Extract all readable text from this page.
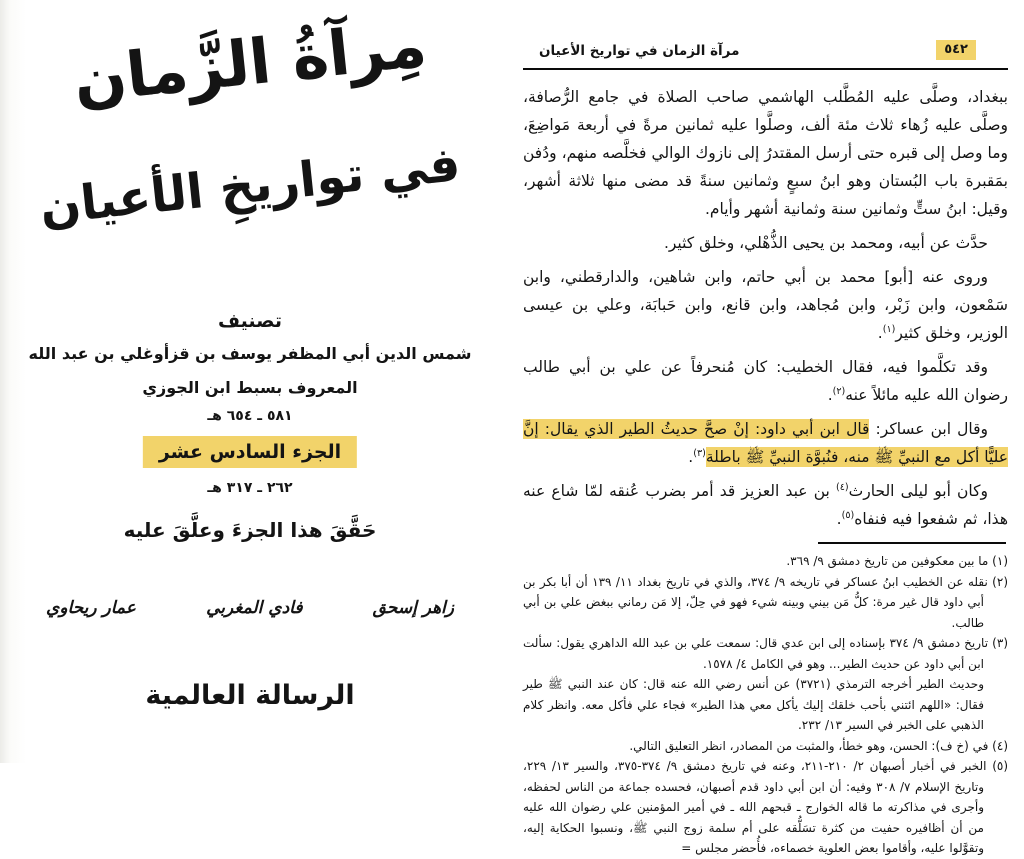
مِرآةُ الزَّمان
في تواريخِ الأعيان
تصنيف
شمس الدين أبي المظفر يوسف بن قزأوغلي بن عبد الله
المعروف بسبط ابن الجوزي
٥٨١ ـ ٦٥٤ هـ
الجزء السادس عشر
٢٦٢ ـ ٣١٧ هـ
حَقَّقَ هذا الجزءَ وعلَّقَ عليه
زاهر إسحق
فادي المغربي
عمار ريحاوي
الرسالة العالمية
مرآة الزمان في تواريخ الأعيان	٥٤٢

ببغداد، وصلَّى عليه المُطَّلب الهاشمي صاحب الصلاة في جامع الرُّصافة، وصلَّى عليه زُهاء ثلاث مئة ألف، وصلَّوا عليه ثمانين مرةً في أربعة مَواضِعَ، وما وصل إلى قبره حتى أرسل المقتدرُ إلى نازوك الوالي فخلَّصه منهم، ودُفن بمَقبرة باب البُستان وهو ابنُ سبعٍ وثمانين سنةً قد مضى منها ثلاثة أشهر، وقيل: ابنُ ستٍّ وثمانين سنة وثمانية أشهر وأيام.

حدَّث عن أبيه، ومحمد بن يحيى الذُّهْلي، وخلق كثير.

وروى عنه [أبو] محمد بن أبي حاتم، وابن شاهين، والدارقطني، وابن سَمْعون، وابن زَبْر، وابن مُجاهد، وابن قانع، وابن حَبابَة، وعلي بن عيسى الوزير، وخلق كثير$^{(١)}$.

وقد تكلَّموا فيه، فقال الخطيب: كان مُنحرفاً عن علي بن أبي طالب رضوان الله عليه مائلاً عنه$^{(٢)}$.

وقال ابن عساكر: قال ابن أبي داود: إنْ صحَّ حديثُ الطير الذي يقال: إنَّ عليًّا أكل مع النبيِّ ﷺ منه، فنُبوَّة النبيِّ ﷺ باطلة$^{(٣)}$.

وكان أبو ليلى الحارث$^{(٤)}$ بن عبد العزيز قد أمر بضرب عُنقه لمّا شاع عنه هذا، ثم شفعوا فيه فنفاه$^{(٥)}$.

(١) ما بين معكوفين من تاريخ دمشق ٩/ ٣٦٩.
(٢) نقله عن الخطيب ابنُ عساكر في تاريخه ٩/ ٣٧٤، والذي في تاريخ بغداد ١١/ ١٣٩ أن أبا بكر بن أبي داود قال غير مرة: كلُّ مَن بيني وبينه شيء فهو في حِلّ، إلا مَن رماني ببغض علي بن أبي طالب.
(٣) تاريخ دمشق ٩/ ٣٧٤ بإسناده إلى ابن عدي قال: سمعت علي بن عبد الله الداهري يقول: سألت ابن أبي داود عن حديث الطير... وهو في الكامل ٤/ ١٥٧٨.
وحديث الطير أخرجه الترمذي (٣٧٢١) عن أنس رضي الله عنه قال: كان عند النبي ﷺ طير فقال: «اللهم ائتني بأحب خلقك إليك يأكل معي هذا الطير» فجاء علي فأكل معه. وانظر كلام الذهبي على الخبر في السير ١٣/ ٢٣٢.
(٤) في (خ ف): الحسن، وهو خطأ، والمثبت من المصادر، انظر التعليق التالي.
(٥) الخبر في أخبار أصبهان ٢/ ٢١٠-٢١١، وعنه في تاريخ دمشق ٩/ ٣٧٤-٣٧٥، والسير ١٣/ ٢٢٩، وتاريخ الإسلام ٧/ ٣٠٨ وفيه: أن ابن أبي داود قدم أصبهان، فحسده جماعة من الناس لحفظه، وأجرى في مذاكرته ما قاله الخوارج ـ قبحهم الله ـ في أمير المؤمنين علي رضوان الله عليه من أن أظافيره حفيت من كثرة تسَلُّقه على أم سلمة زوج النبي ﷺ، ونسبوا الحكاية إليه، وتقوَّلوا عليه، وأقاموا بعض العلوية خصماءه، فأُحضر مجلس =
